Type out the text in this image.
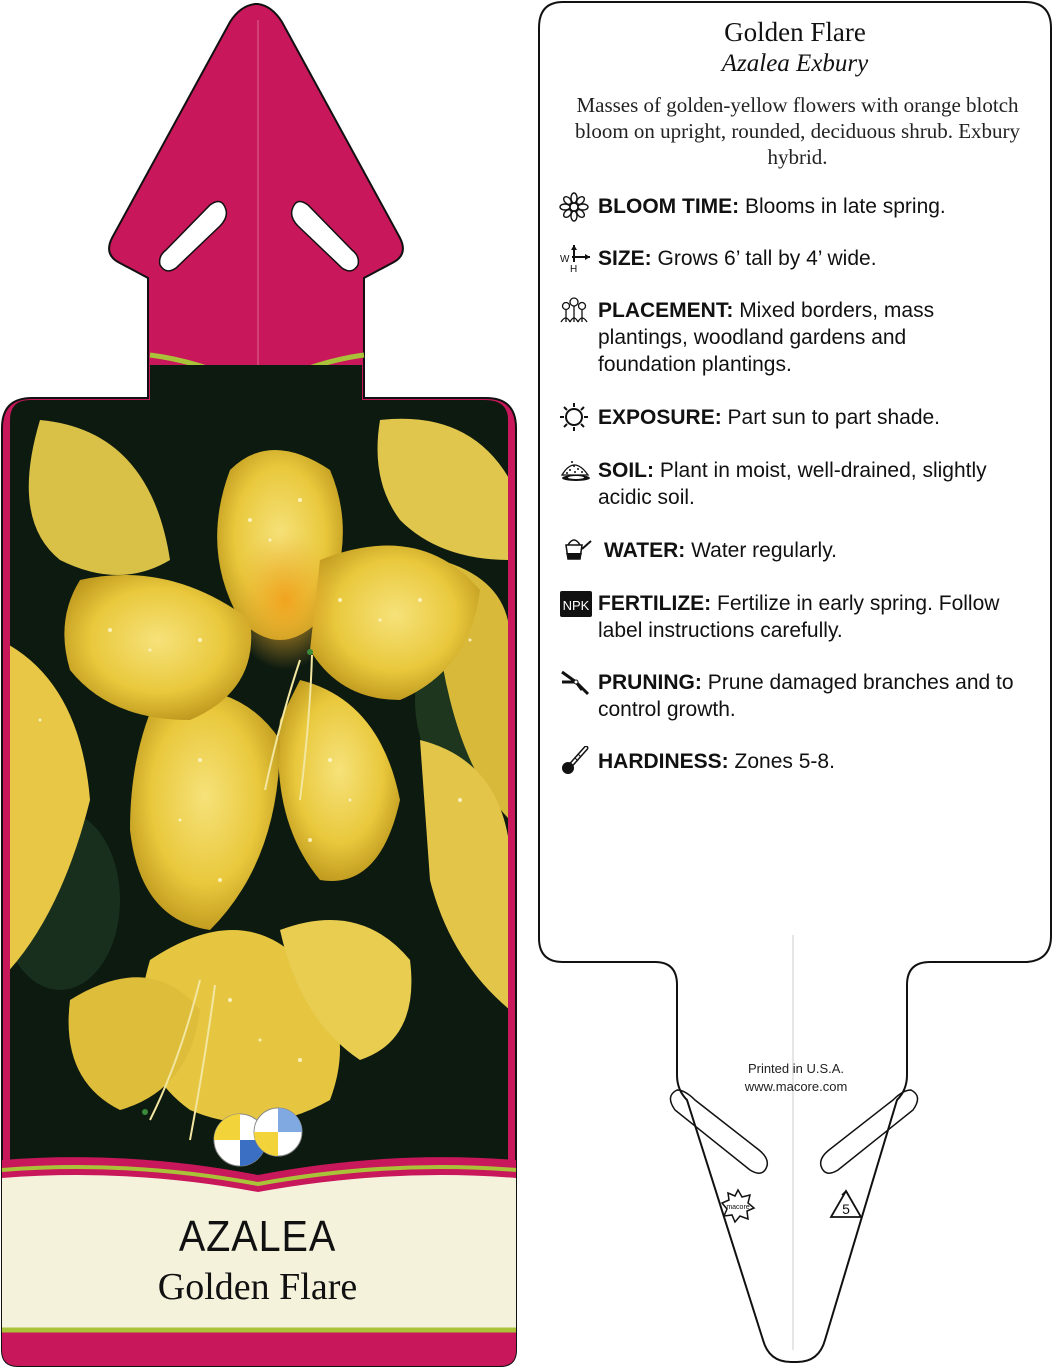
AZALEA
Golden Flare
macore	5
Golden Flare
Azalea Exbury
Masses of golden-yellow flowers with orange blotch bloom on upright, rounded, deciduous shrub. Exbury hybrid.
W
H
NPK
BLOOM TIME: Blooms in late spring.
SIZE: Grows 6’ tall by 4’ wide.
PLACEMENT: Mixed borders, mass plantings, woodland gardens and foundation plantings.
EXPOSURE: Part sun to part shade.
SOIL: Plant in moist, well-drained, slightly acidic soil.
WATER: Water regularly.
FERTILIZE: Fertilize in early spring. Follow label instructions carefully.
PRUNING: Prune damaged branches and to control growth.
HARDINESS: Zones 5-8.
Printed in U.S.A.
www.macore.com
